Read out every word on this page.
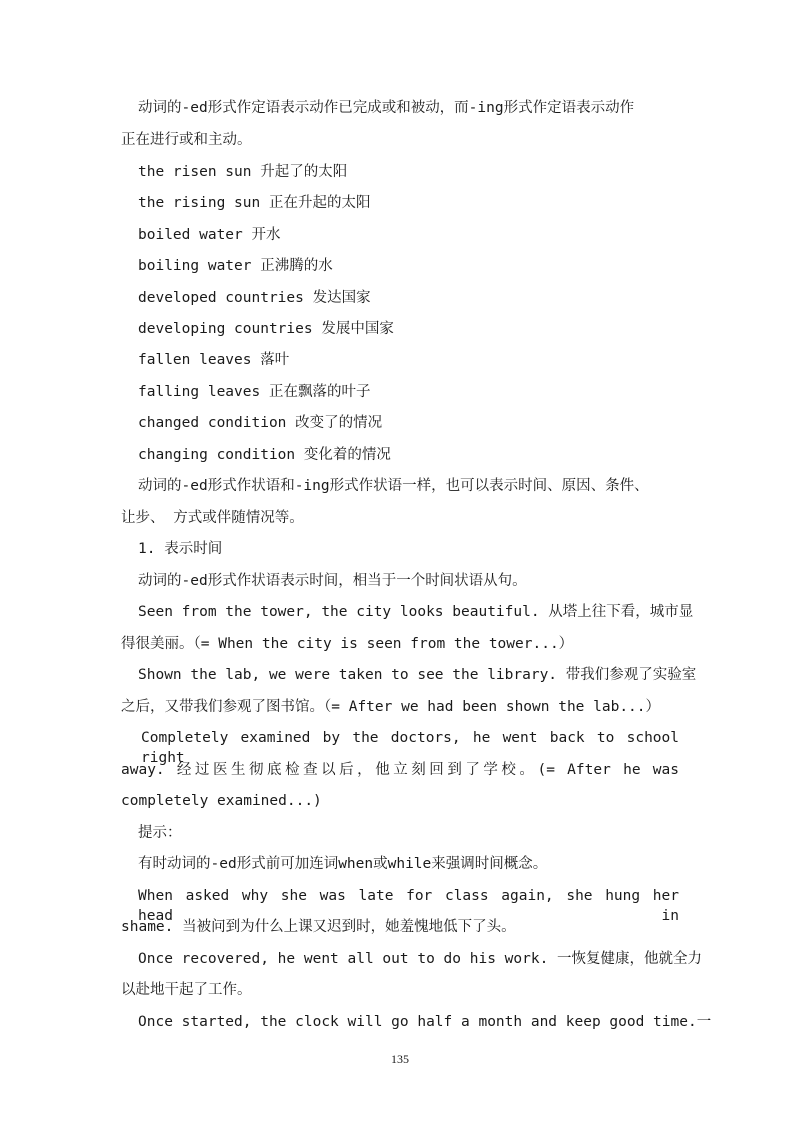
动词的-ed形式作定语表示动作已完成或和被动，而-ing形式作定语表示动作
正在进行或和主动。
the risen sun 升起了的太阳
the rising sun 正在升起的太阳
boiled water 开水
boiling water 正沸腾的水
developed countries 发达国家
developing countries 发展中国家
fallen leaves 落叶
falling leaves 正在飘落的叶子
changed condition 改变了的情况
changing condition 变化着的情况
动词的-ed形式作状语和-ing形式作状语一样，也可以表示时间、原因、条件、
让步、 方式或伴随情况等。
1. 表示时间
动词的-ed形式作状语表示时间，相当于一个时间状语从句。
Seen from the tower, the city looks beautiful. 从塔上往下看，城市显
得很美丽。（= When the city is seen from the tower...）
Shown the lab, we were taken to see the library. 带我们参观了实验室
之后，又带我们参观了图书馆。（= After we had been shown the lab...）
Completely examined by the doctors, he went back to school right
away. 经过医生彻底检查以后，他立刻回到了学校。(= After he was
completely examined...)
提示：
有时动词的-ed形式前可加连词when或while来强调时间概念。
When asked why she was late for class again, she hung her head in
shame. 当被问到为什么上课又迟到时，她羞愧地低下了头。
Once recovered, he went all out to do his work. 一恢复健康，他就全力
以赴地干起了工作。
Once started, the clock will go half a month and keep good time.一
135
